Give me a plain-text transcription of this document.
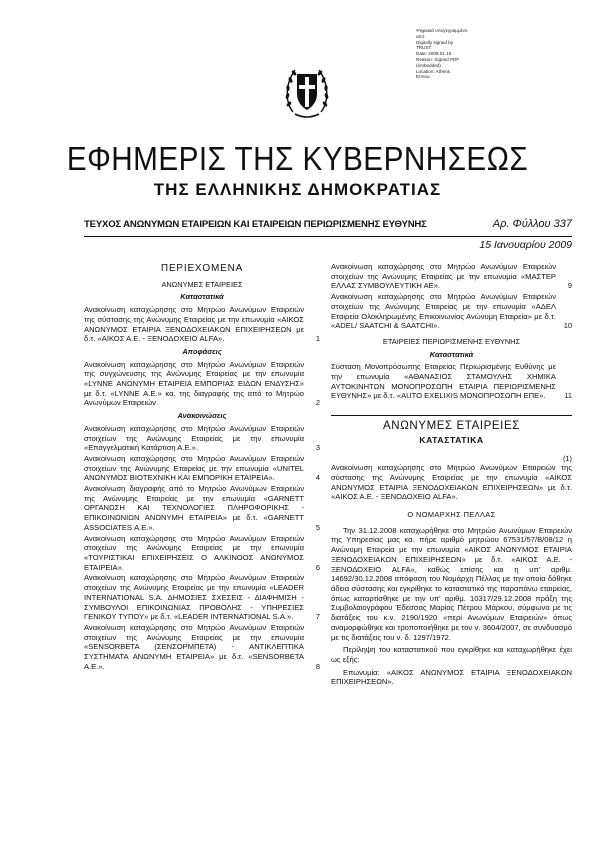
Ψηφιακά υπογεγραμμένο
από
Digitally signed by
TRUST
Date: 2009.01.15
Reason: Signed PDF
(embedded)
Location: Athens
Ermou
ΕΦΗΜΕΡΙΣ ΤΗΣ ΚΥΒΕΡΝΗΣΕΩΣ
ΤΗΣ ΕΛΛΗΝΙΚΗΣ ΔΗΜΟΚΡΑΤΙΑΣ
ΤΕΥΧΟΣ ΑΝΩΝΥΜΩΝ ΕΤΑΙΡΕΙΩΝ ΚΑΙ ΕΤΑΙΡΕΙΩΝ ΠΕΡΙΩΡΙΣΜΕΝΗΣ ΕΥΘΥΝΗΣ	Αρ. Φύλλου 337
15 Ιανουαρίου 2009
ΠΕΡΙΕΧΟΜΕΝΑ
ΑΝΩΝΥΜΕΣ ΕΤΑΙΡΕΙΕΣ
Καταστατικά
Ανακοίνωση καταχώρησης στο Μητρώο Ανωνύμων Εταιρειών της σύστασης της Ανώνυμης Εταιρείας με την επωνυμία «ΑΙΚΟΣ ΑΝΩΝΥΜΟΣ ΕΤΑΙΡΙΑ ΞΕΝΟΔΟΧΕΙΑΚΩΝ ΕΠΙΧΕΙΡΗΣΕΩΝ με δ.τ. «ΑΙΚΟΣ Α.Ε. - ΞΕΝΟΔΟΧΕΙΟ ALFA».	1
Αποφάσεις
Ανακοίνωση καταχώρησης στο Μητρώο Ανωνύμων Εταιρειών της συγχώνευσης της Ανώνυμης Εταιρείας με την επωνυμία «LYNNE ΑΝΩΝΥΜΗ ΕΤΑΙΡΕΙΑ ΕΜΠΟΡΙΑΣ ΕΙΔΩΝ ΕΝΔΥΣΗΣ» με δ.τ. «LYNNE Α.Ε.» κα. της διαγραφής της από το Μητρώο Ανωνύμων Εταιρειών.	2
Ανακοινώσεις
Ανακοίνωση καταχώρησης στο Μητρώο Ανωνύμων Εταιρειών στοιχείων της Ανώνυμης Εταιρείας με την επωνυμία «Επαγγελματική Κατάρτιση Α.Ε.».	3
Ανακοίνωση καταχώρησης στο Μητρώο Ανωνύμων Εταιρειών στοιχείων της Ανώνυμης Εταιρείας με την επωνυμία «UNITEL ΑΝΩΝΥΜΟΣ ΒΙΟΤΕΧΝΙΚΗ ΚΑΙ ΕΜΠΟΡΙΚΗ ΕΤΑΙΡΕΙΑ».	4
Ανακοίνωση διαγραφής από το Μητρώο Ανωνύμων Εταιρειών της Ανώνυμης Εταιρείας με την επωνυμία «GARNETT ΟΡΓΑΝΩΣΗ ΚΑΙ ΤΕΧΝΟΛΟΓΙΕΣ ΠΛΗΡΟΦΟΡΙΚΗΣ - ΕΠΙΚΟΙΝΩΝΙΩΝ ΑΝΩΝΥΜΗ ΕΤΑΙΡΕΙΑ» με δ.τ. «GARNETT ASSOCIATES Α.Ε.».	5
Ανακοίνωση καταχώρησης στο Μητρώο Ανωνύμων Εταιρειών στοιχείων της Ανώνυμης Εταιρείας με την επωνυμία «ΤΟΥΡΙΣΤΙΚΑΙ ΕΠΙΧΕΙΡΗΣΕΙΣ Ο ΑΛΚΙΝΟΟΣ ΑΝΩΝΥΜΟΣ ΕΤΑΙΡΕΙΑ».	6
Ανακοίνωση καταχώρησης στο Μητρώο Ανωνύμων Εταιρειών στοιχείων της Ανώνυμης Εταιρείας με την επωνυμία «LEADER INTERNATIONAL S.A. ΔΗΜΟΣΙΕΣ ΣΧΕΣΕΙΣ - ΔΙΑΦΗΜΙΣΗ - ΣΥΜΒΟΥΛΟΙ ΕΠΙΚΟΙΝΩΝΙΑΣ ΠΡΟΒΟΛΗΣ - ΥΠΗΡΕΣΙΕΣ ΓΕΝΙΚΟΥ ΤΥΠΟΥ» με δ.τ. «LEADER INTERNATIONAL S.A.».	7
Ανακοίνωση καταχώρησης στο Μητρώο Ανωνύμων Εταιρειών στοιχείων της Ανώνυμης Εταιρείας με την επωνυμία «SENSORBETA (ΣΕΝΣΟΡΜΠΕΤΑ) - ΑΝΤΙΚΛΕΠΤΙΚΑ ΣΥΣΤΗΜΑΤΑ ΑΝΩΝΥΜΗ ΕΤΑΙΡΕΙΑ» με δ.τ. «SENSORBETA Α.Ε.».	8
Ανακοίνωση καταχώρησης στο Μητρώο Ανωνύμων Εταιρειών στοιχείων της Ανώνυμης Εταιρείας με την επωνυμία «ΜΑΣΤΕΡ ΕΛΛΑΣ ΣΥΜΒΟΥΛΕΥΤΙΚΗ ΑΕ».	9
Ανακοίνωση καταχώρησης στο Μητρώο Ανωνύμων Εταιρειών στοιχείων της Ανώνυμης Εταιρείας με την επωνυμία «ΑΔΕΛ Εταιρεία Ολοκληρωμένης Επικοινωνίας Ανώνυμη Εταιρεία» με δ.τ. «ADEL/ SAATCHI & SAATCHI».	10
ΕΤΑΙΡΕΙΕΣ ΠΕΡΙΩΡΙΣΜΕΝΗΣ ΕΥΘΥΝΗΣ
Καταστατικά
Σύσταση Μονοπρόσωπης Εταιρείας Περιωρισμένης Ευθύνης με την επωνυμία «ΑΘΑΝΑΣΙΟΣ ΣΤΑΜΟΥΛΗΣ ΧΗΜΙΚΑ ΑΥΤΟΚΙΝΗΤΩΝ ΜΟΝΟΠΡΟΣΩΠΗ ΕΤΑΙΡΙΑ ΠΕΡΙΩΡΙΣΜΕΝΗΣ ΕΥΘΥΝΗΣ» με δ.τ. «AUTO EXELIXIS ΜΟΝΟΠΡΟΣΩΠΗ ΕΠΕ».	11
ΑΝΩΝΥΜΕΣ ΕΤΑΙΡΕΙΕΣ
ΚΑΤΑΣΤΑΤΙΚΑ
(1)

Ανακοίνωση καταχώρησης στο Μητρώο Ανωνύμων Εταιρειών της σύστασης της Ανώνυμης Εταιρείας με την επωνυμία «ΑΙΚΟΣ ΑΝΩΝΥΜΟΣ ΕΤΑΙΡΙΑ ΞΕΝΟΔΟΧΕΙΑΚΩΝ ΕΠΙΧΕΙΡΗΣΕΩΝ» με δ.τ. «ΑΙΚΟΣ Α.Ε. - ΞΕΝΟΔΟΧΕΙΟ ALFA».

Ο ΝΟΜΑΡΧΗΣ ΠΕΛΛΑΣ

Την 31.12.2008 καταχωρήθηκε στο Μητρώο Ανωνύμων Εταιρειών της Υπηρεσίας μας κα. πήρε αριθμό μητρώου 67531/57/Β/08/12 η Ανώνυμη Εταιρεία με την επωνυμία «ΑΙΚΟΣ ΑΝΩΝΥΜΟΣ ΕΤΑΙΡΙΑ ΞΕΝΟΔΟΧΕΙΑΚΩΝ ΕΠΙΧΕΙΡΗΣΕΩΝ» με δ.τ. «ΑΙΚΟΣ Α.Ε. - ΞΕΝΟΔΟΧΕΙΟ ALFA», καθώς επίσης και η υπ' αριθμ. 14692/30.12.2008 απόφαση του Νομάρχη Πέλλας με την οποία δόθηκε άδεια σύστασης και εγκρίθηκε το καταστατικό της παραπάνω εταιρείας, όπως καταρτίσθηκε με την υπ' αριθμ. 10317/29.12.2008 πράξη της Συμβολαιογράφου Έδεσσας Μαρίας Πέτρου Μάρκου, σύμφωνα με τις διατάξεις του κ.ν. 2190/1920 «περί Ανωνύμων Εταιρειών» όπως αναμορφώθηκε και τροποποιήθηκε με τον ν. 3604/2007, σε συνδυασμό με τις διατάξεις του ν. δ. 1297/1972.

Περίληψη του καταστατικού που εγκρίθηκε και καταχωρήθηκε έχει ως εξής:

Επωνυμία: «ΑΙΚΟΣ ΑΝΩΝΥΜΟΣ ΕΤΑΙΡΙΑ ΞΕΝΟΔΟΧΕΙΑΚΩΝ ΕΠΙΧΕΙΡΗΣΕΩΝ».
